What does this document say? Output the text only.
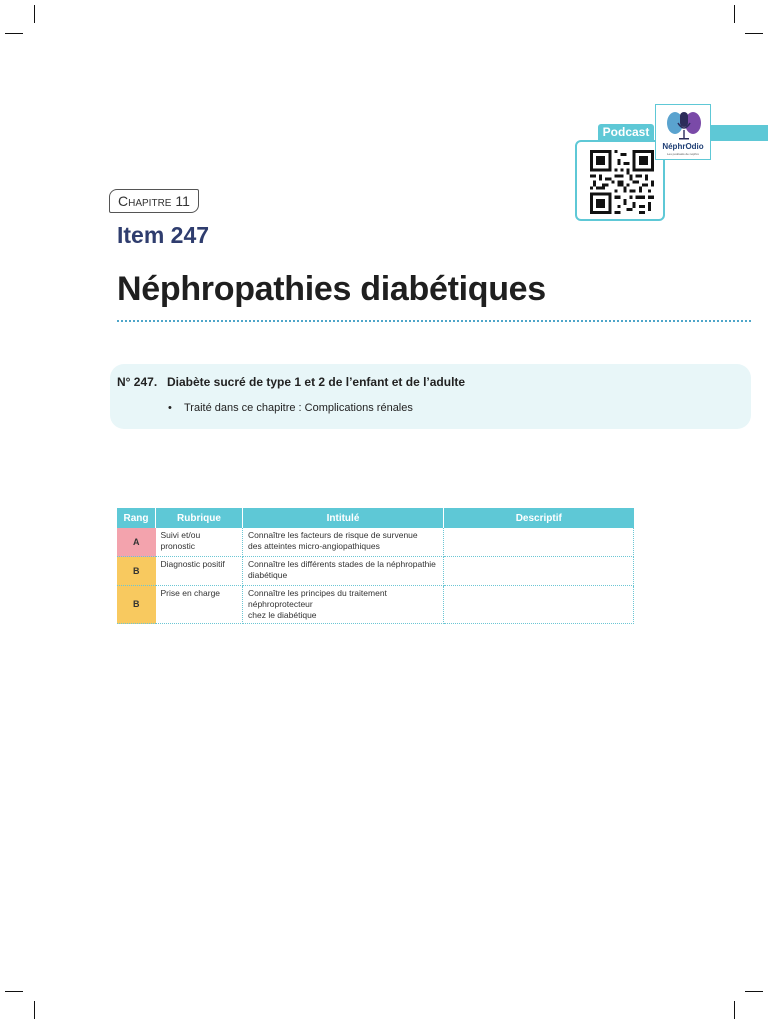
Podcast
NéphrOdio
Les podcasts de néphro
Chapitre 11
Item 247
Néphropathies diabétiques
N° 247. Diabète sucré de type 1 et 2 de l’enfant et de l’adulte
• Traité dans ce chapitre : Complications rénales
Rang	Rubrique	Intitulé	Descriptif
A	Suivi et/ou pronostic	Connaître les facteurs de risque de survenue
des atteintes micro-angiopathiques	

B	Diagnostic positif	Connaître les différents stades de la néphropathie
diabétique	

B	Prise en charge	Connaître les principes du traitement néphroprotecteur
chez le diabétique	
